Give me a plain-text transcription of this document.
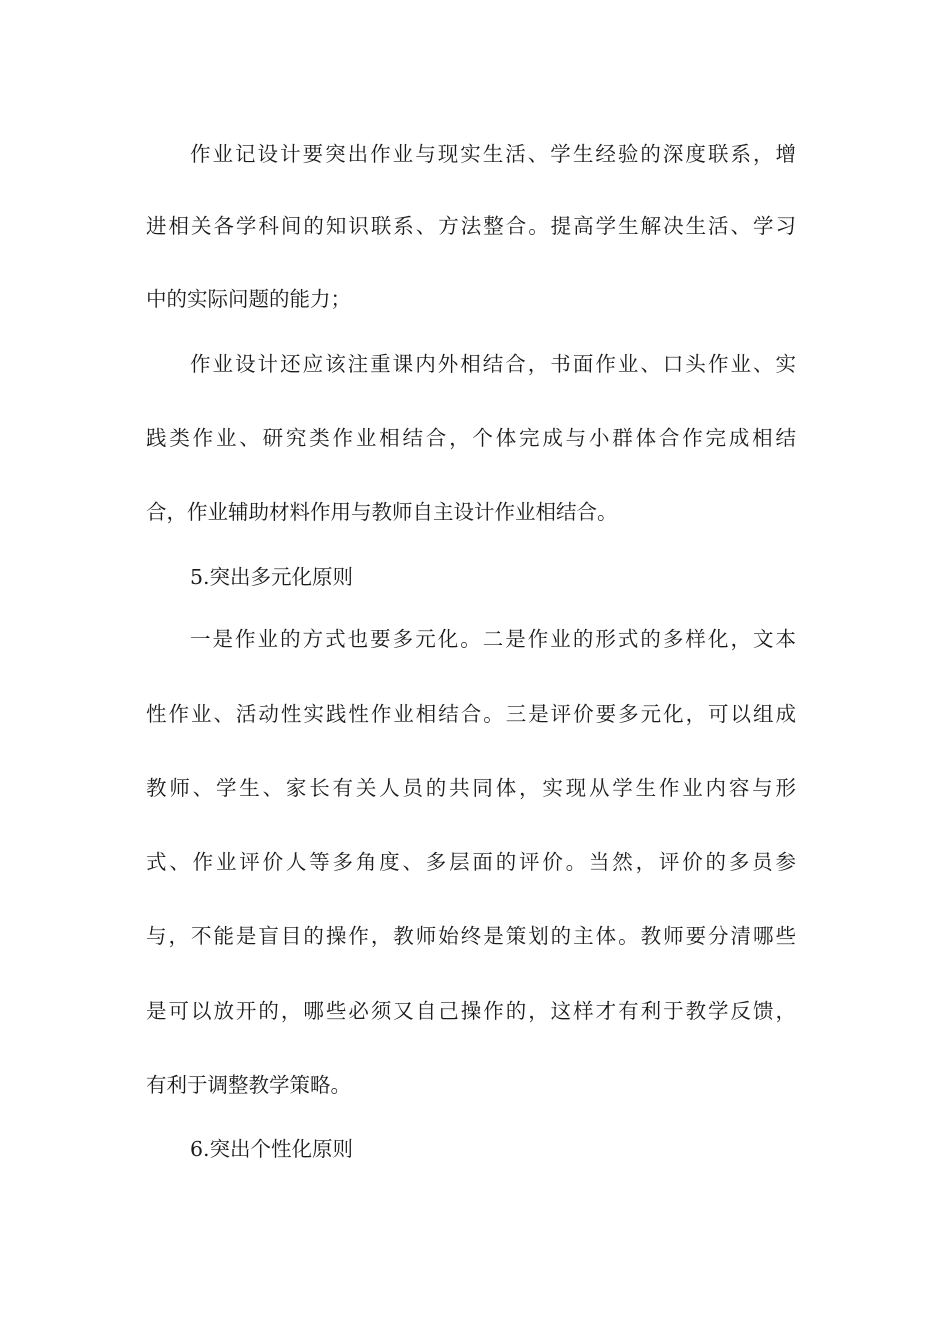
作业记设计要突出作业与现实生活、学生经验的深度联系，增

进相关各学科间的知识联系、方法整合。提高学生解决生活、学习

中的实际问题的能力；

作业设计还应该注重课内外相结合，书面作业、口头作业、实

践类作业、研究类作业相结合，个体完成与小群体合作完成相结

合，作业辅助材料作用与教师自主设计作业相结合。

5.突出多元化原则

一是作业的方式也要多元化。二是作业的形式的多样化，文本

性作业、活动性实践性作业相结合。三是评价要多元化，可以组成

教师、学生、家长有关人员的共同体，实现从学生作业内容与形

式、作业评价人等多角度、多层面的评价。当然，评价的多员参

与，不能是盲目的操作，教师始终是策划的主体。教师要分清哪些

是可以放开的，哪些必须又自己操作的，这样才有利于教学反馈，

有利于调整教学策略。

6.突出个性化原则
